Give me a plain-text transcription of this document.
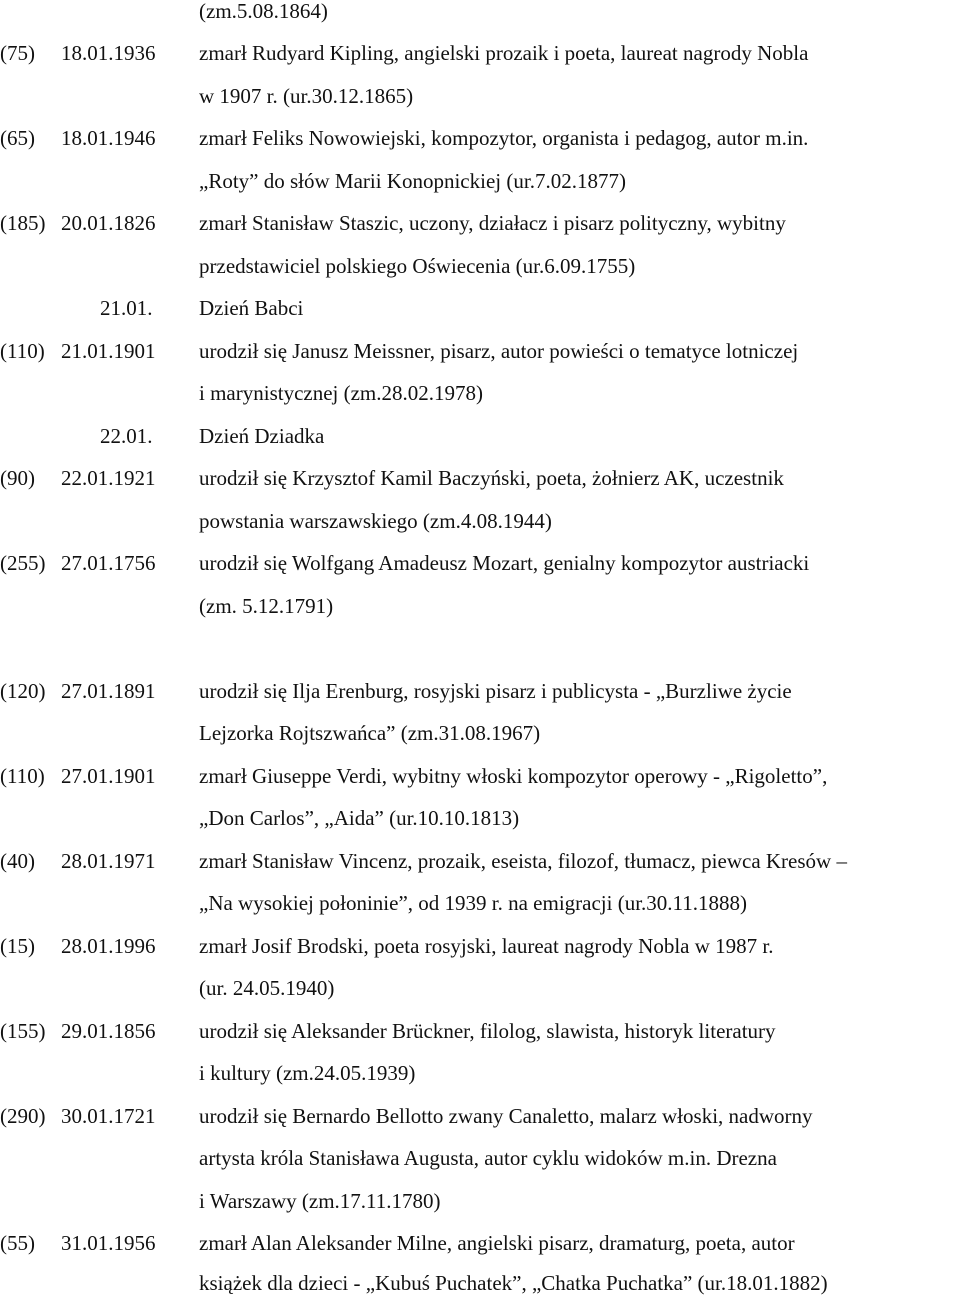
(zm.5.08.1864)
(75) 18.01.1936 zmarł Rudyard Kipling, angielski prozaik i poeta, laureat nagrody Nobla
w 1907 r. (ur.30.12.1865)
(65) 18.01.1946 zmarł Feliks Nowowiejski, kompozytor, organista i pedagog, autor m.in.
„Roty” do słów Marii Konopnickiej (ur.7.02.1877)
(185) 20.01.1826 zmarł Stanisław Staszic, uczony, działacz i pisarz polityczny, wybitny
przedstawiciel polskiego Oświecenia (ur.6.09.1755)
21.01. Dzień Babci
(110) 21.01.1901 urodził się Janusz Meissner, pisarz, autor powieści o tematyce lotniczej
i marynistycznej (zm.28.02.1978)
22.01. Dzień Dziadka
(90) 22.01.1921 urodził się Krzysztof Kamil Baczyński, poeta, żołnierz AK, uczestnik
powstania warszawskiego (zm.4.08.1944)
(255) 27.01.1756 urodził się Wolfgang Amadeusz Mozart, genialny kompozytor austriacki
(zm. 5.12.1791)
(120) 27.01.1891 urodził się Ilja Erenburg, rosyjski pisarz i publicysta - „Burzliwe życie
Lejzorka Rojtszwańca” (zm.31.08.1967)
(110) 27.01.1901 zmarł Giuseppe Verdi, wybitny włoski kompozytor operowy - „Rigoletto”,
„Don Carlos”, „Aida” (ur.10.10.1813)
(40) 28.01.1971 zmarł Stanisław Vincenz, prozaik, eseista, filozof, tłumacz, piewca Kresów –
„Na wysokiej połoninie”, od 1939 r. na emigracji (ur.30.11.1888)
(15) 28.01.1996 zmarł Josif Brodski, poeta rosyjski, laureat nagrody Nobla w 1987 r.
(ur. 24.05.1940)
(155) 29.01.1856 urodził się Aleksander Brückner, filolog, slawista, historyk literatury
i kultury (zm.24.05.1939)
(290) 30.01.1721 urodził się Bernardo Bellotto zwany Canaletto, malarz włoski, nadworny
artysta króla Stanisława Augusta, autor cyklu widoków m.in. Drezna
i Warszawy (zm.17.11.1780)
(55) 31.01.1956 zmarł Alan Aleksander Milne, angielski pisarz, dramaturg, poeta, autor
książek dla dzieci - „Kubuś Puchatek”, „Chatka Puchatka” (ur.18.01.1882)
